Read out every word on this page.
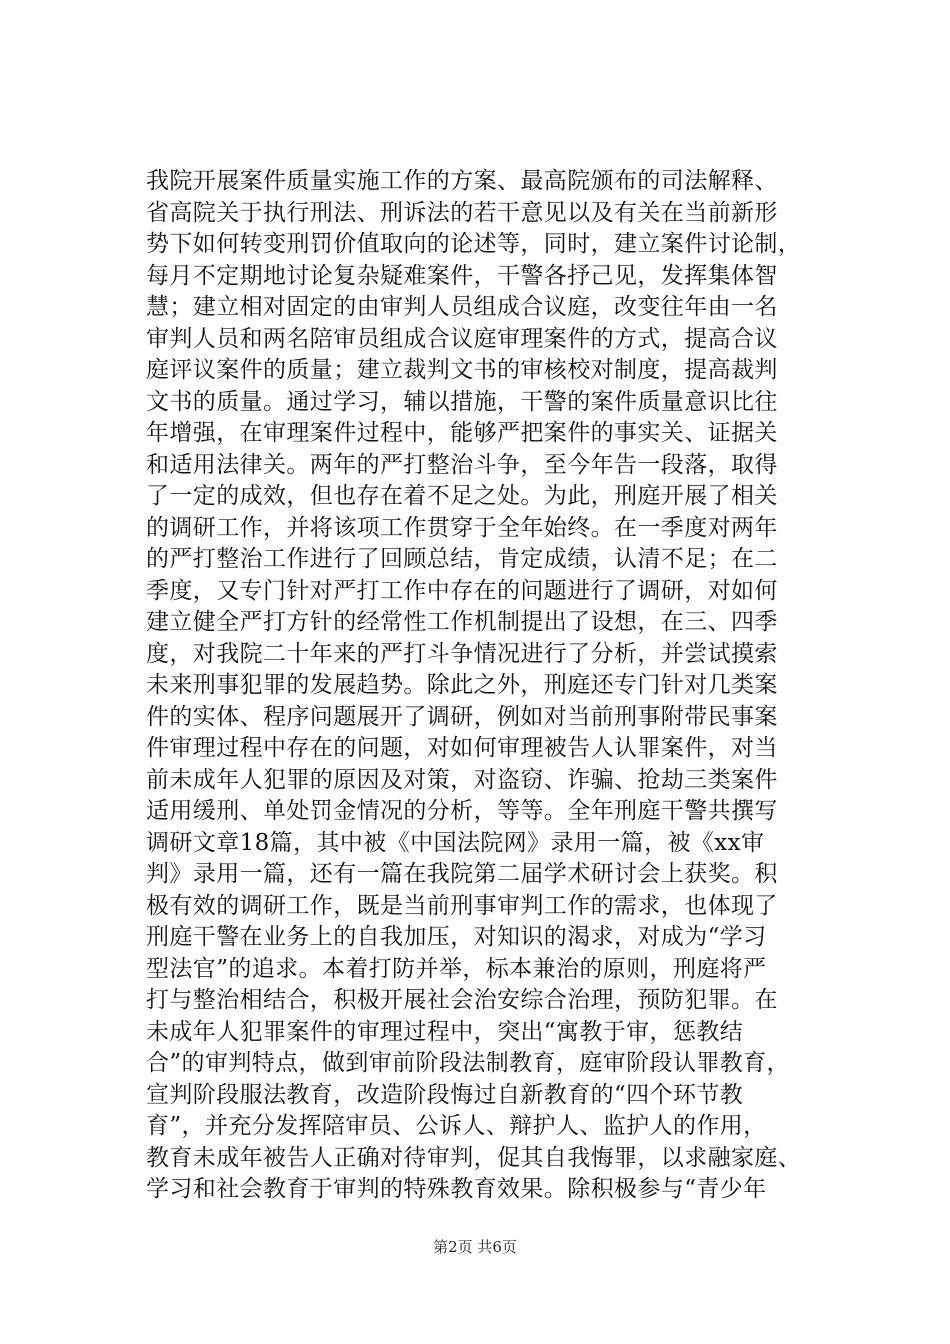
我院开展案件质量实施工作的方案、最高院颁布的司法解释、
省高院关于执行刑法、刑诉法的若干意见以及有关在当前新形
势下如何转变刑罚价值取向的论述等，同时，建立案件讨论制，
每月不定期地讨论复杂疑难案件，干警各抒己见，发挥集体智
慧；建立相对固定的由审判人员组成合议庭，改变往年由一名
审判人员和两名陪审员组成合议庭审理案件的方式，提高合议
庭评议案件的质量；建立裁判文书的审核校对制度，提高裁判
文书的质量。通过学习，辅以措施，干警的案件质量意识比往
年增强，在审理案件过程中，能够严把案件的事实关、证据关
和适用法律关。两年的严打整治斗争，至今年告一段落，取得
了一定的成效，但也存在着不足之处。为此，刑庭开展了相关
的调研工作，并将该项工作贯穿于全年始终。在一季度对两年
的严打整治工作进行了回顾总结，肯定成绩，认清不足；在二
季度，又专门针对严打工作中存在的问题进行了调研，对如何
建立健全严打方针的经常性工作机制提出了设想，在三、四季
度，对我院二十年来的严打斗争情况进行了分析，并尝试摸索
未来刑事犯罪的发展趋势。除此之外，刑庭还专门针对几类案
件的实体、程序问题展开了调研，例如对当前刑事附带民事案
件审理过程中存在的问题，对如何审理被告人认罪案件，对当
前未成年人犯罪的原因及对策，对盗窃、诈骗、抢劫三类案件
适用缓刑、单处罚金情况的分析，等等。全年刑庭干警共撰写
调研文章18篇，其中被《中国法院网》录用一篇，被《xx审
判》录用一篇，还有一篇在我院第二届学术研讨会上获奖。积
极有效的调研工作，既是当前刑事审判工作的需求，也体现了
刑庭干警在业务上的自我加压，对知识的渴求，对成为“学习
型法官”的追求。本着打防并举，标本兼治的原则，刑庭将严
打与整治相结合，积极开展社会治安综合治理，预防犯罪。在
未成年人犯罪案件的审理过程中，突出“寓教于审，惩教结
合”的审判特点，做到审前阶段法制教育，庭审阶段认罪教育，
宣判阶段服法教育，改造阶段悔过自新教育的“四个环节教
育”，并充分发挥陪审员、公诉人、辩护人、监护人的作用，
教育未成年被告人正确对待审判，促其自我悔罪，以求融家庭、
学习和社会教育于审判的特殊教育效果。除积极参与“青少年
第2页 共6页
